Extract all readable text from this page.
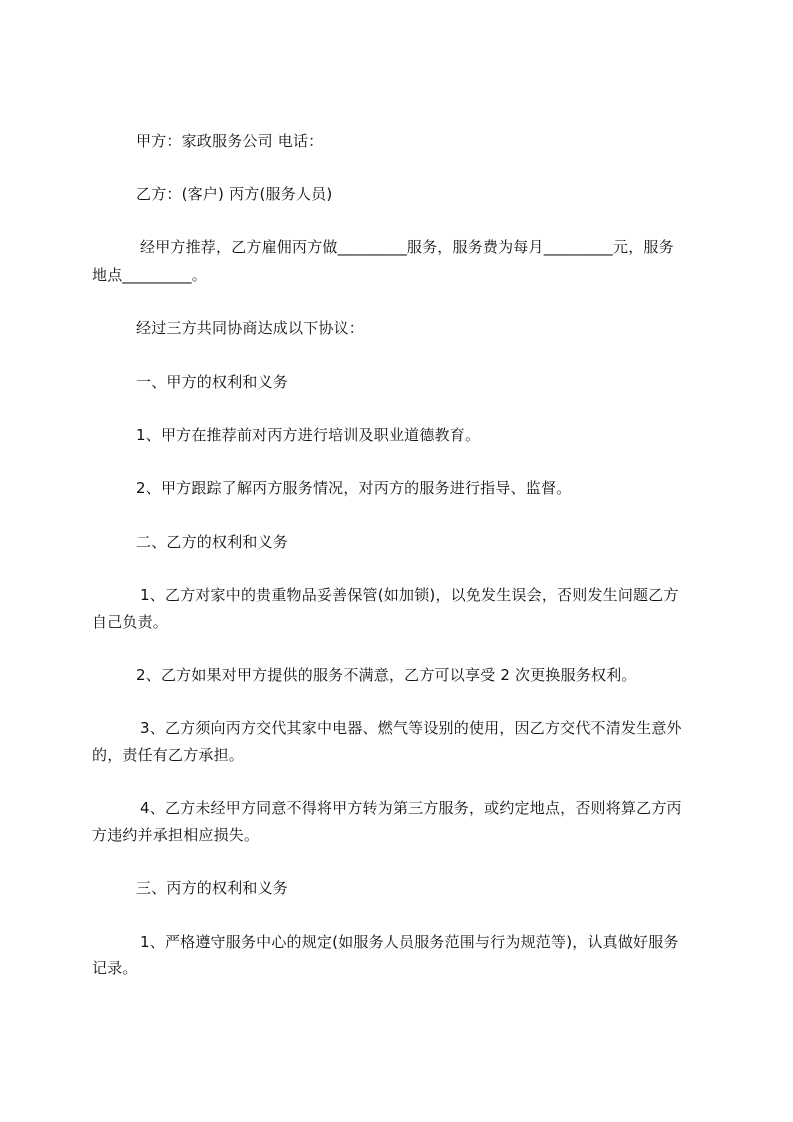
甲方：家政服务公司 电话：
乙方：(客户) 丙方(服务人员)
经甲方推荐，乙方雇佣丙方做_________服务，服务费为每月_________元，服务
地点_________。
经过三方共同协商达成以下协议：
一、甲方的权利和义务
1、甲方在推荐前对丙方进行培训及职业道德教育。
2、甲方跟踪了解丙方服务情况，对丙方的服务进行指导、监督。
二、乙方的权利和义务
1、乙方对家中的贵重物品妥善保管(如加锁)，以免发生误会，否则发生问题乙方
自己负责。
2、乙方如果对甲方提供的服务不满意，乙方可以享受 2 次更换服务权利。
3、乙方须向丙方交代其家中电器、燃气等设别的使用，因乙方交代不清发生意外
的，责任有乙方承担。
4、乙方未经甲方同意不得将甲方转为第三方服务，或约定地点，否则将算乙方丙
方违约并承担相应损失。
三、丙方的权利和义务
1、严格遵守服务中心的规定(如服务人员服务范围与行为规范等)，认真做好服务
记录。
